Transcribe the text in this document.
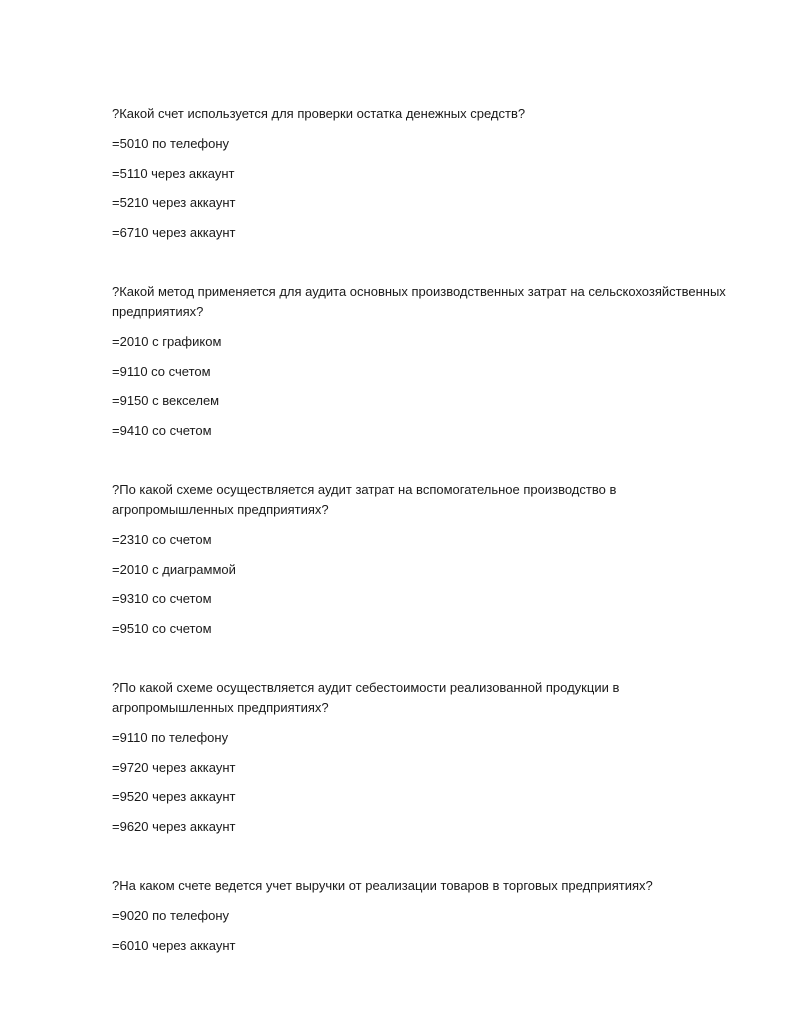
?Какой счет используется для проверки остатка денежных средств?

=5010 по телефону

=5110 через аккаунт

=5210 через аккаунт

=6710 через аккаунт

?Какой метод применяется для аудита основных производственных затрат на сельскохозяйственных предприятиях?

=2010 с графиком

=9110 со счетом

=9150 с векселем

=9410 со счетом

?По какой схеме осуществляется аудит затрат на вспомогательное производство в агропромышленных предприятиях?

=2310 со счетом

=2010 с диаграммой

=9310 со счетом

=9510 со счетом

?По какой схеме осуществляется аудит себестоимости реализованной продукции в агропромышленных предприятиях?

=9110 по телефону

=9720 через аккаунт

=9520 через аккаунт

=9620 через аккаунт

?На каком счете ведется учет выручки от реализации товаров в торговых предприятиях?

=9020 по телефону

=6010 через аккаунт
